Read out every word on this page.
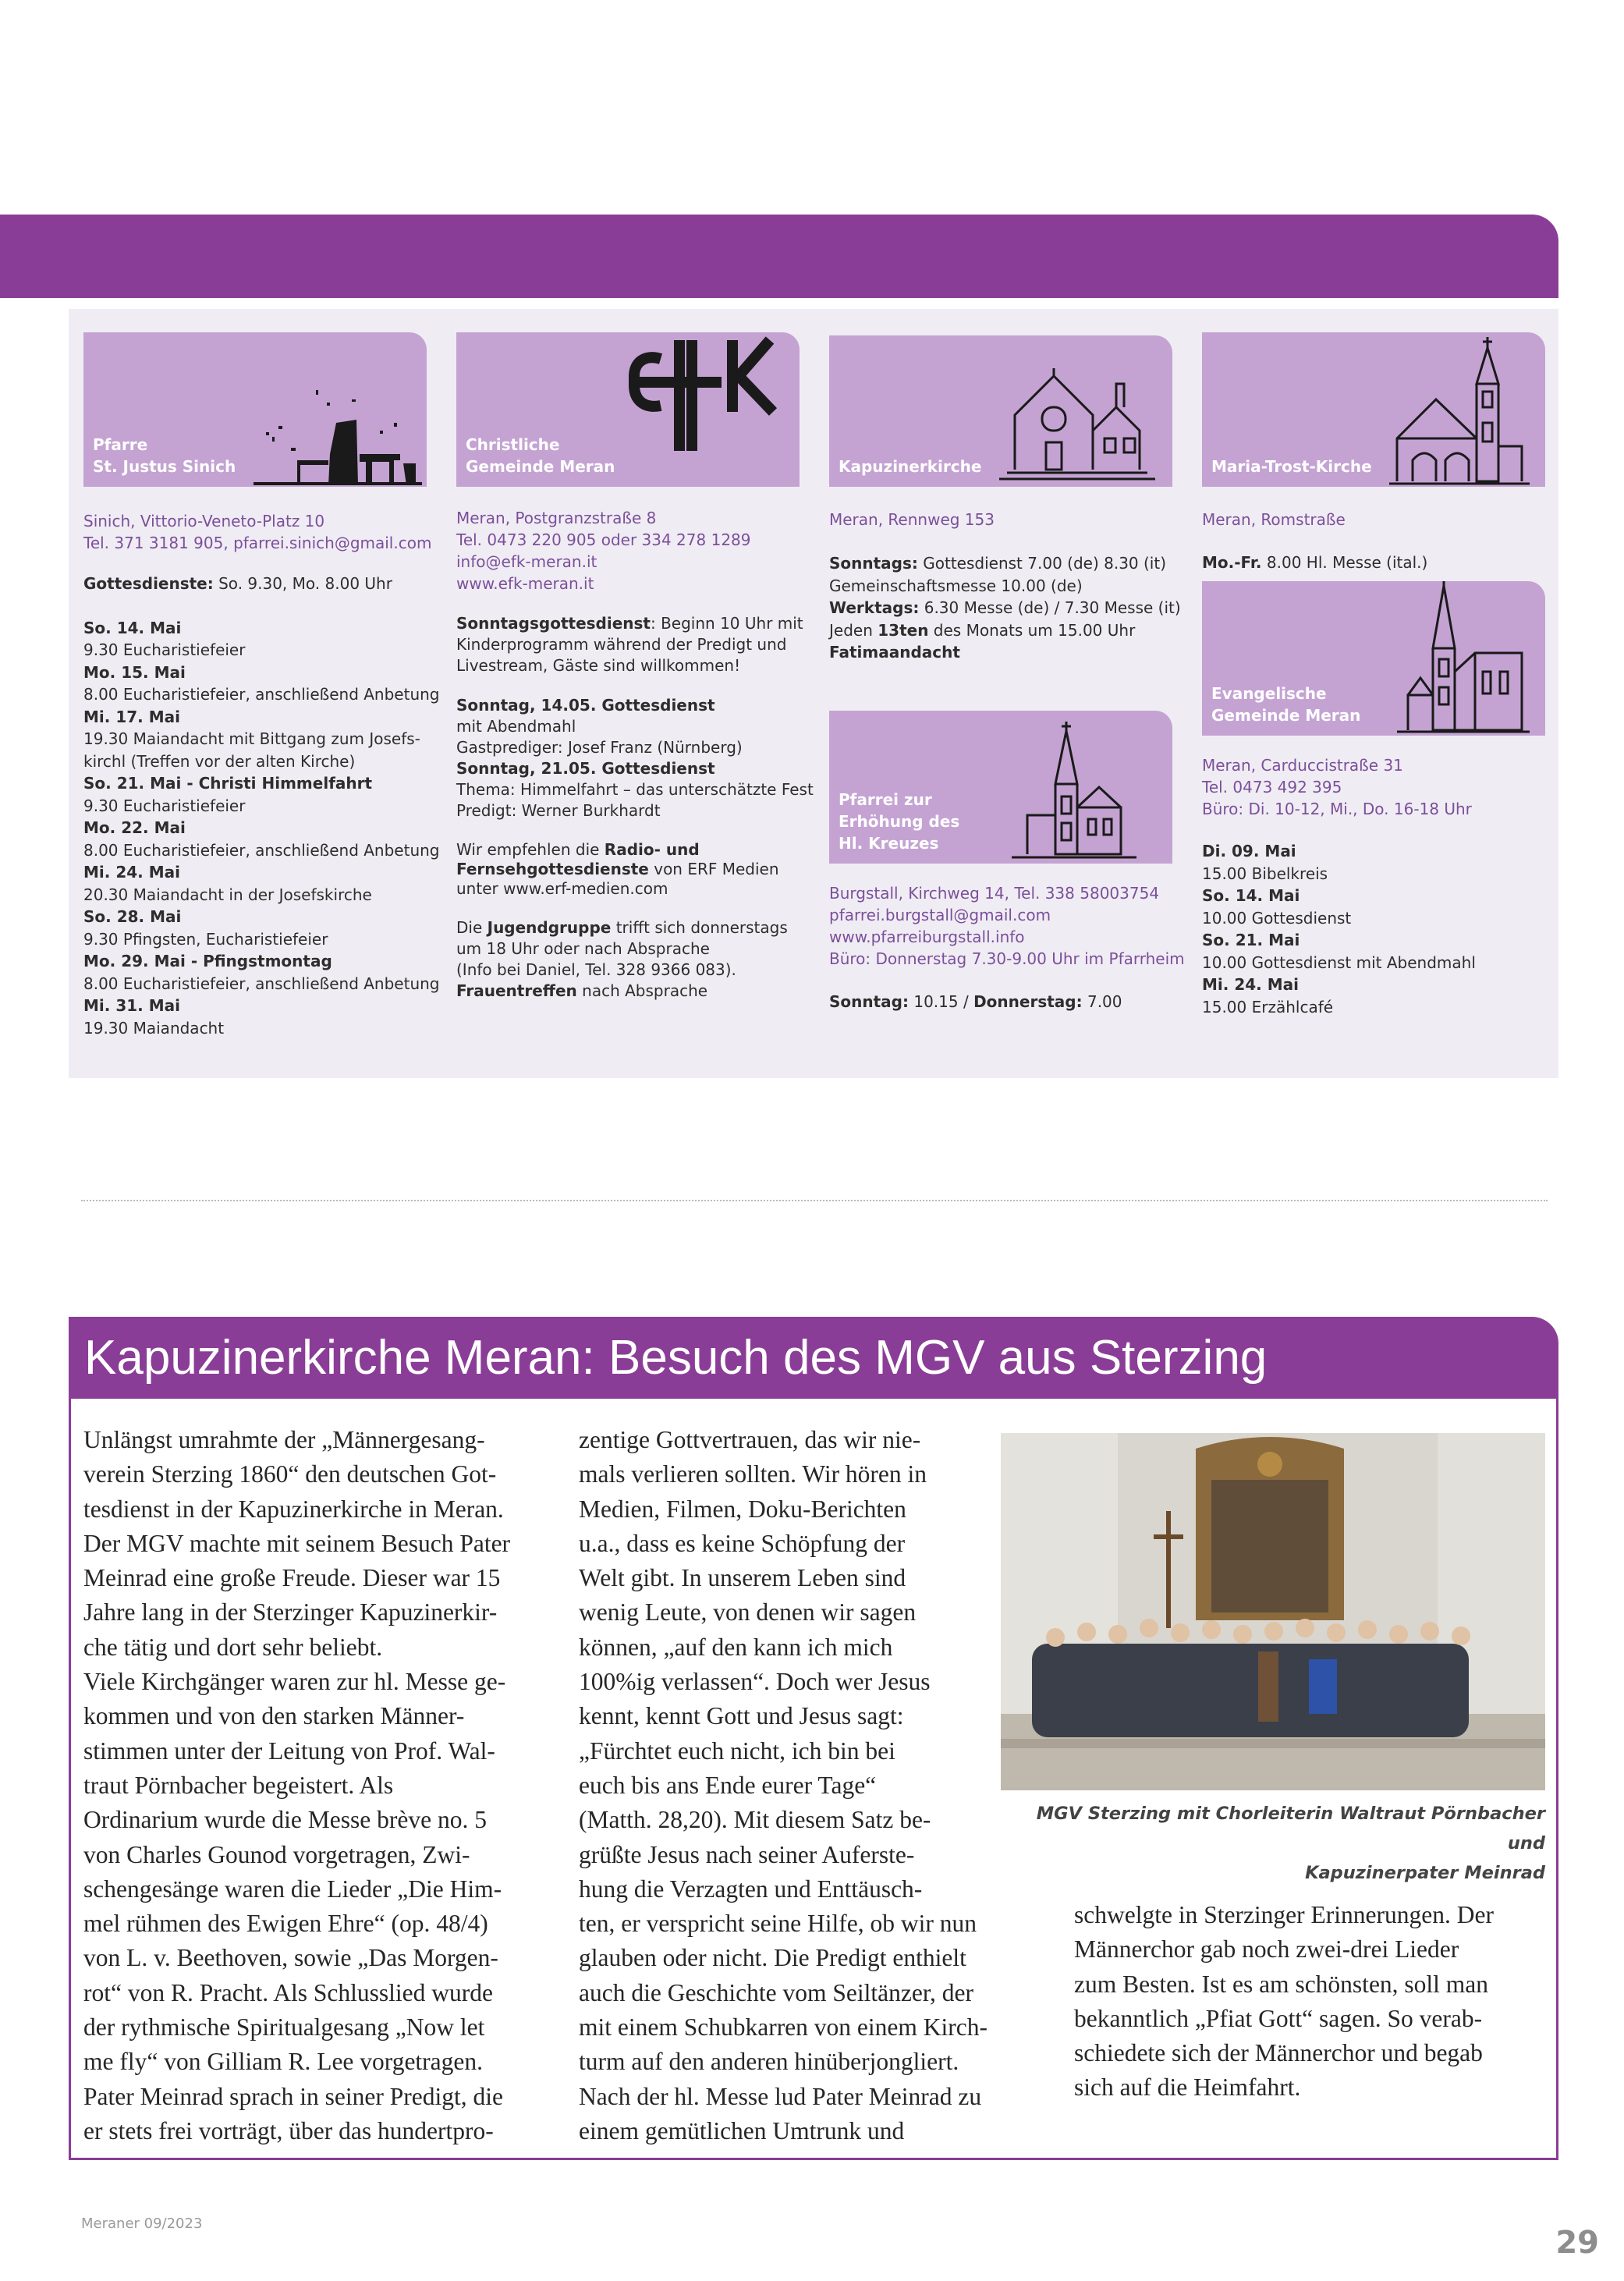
Pfarre
St. Justus Sinich
Sinich, Vittorio-Veneto-Platz 10
Tel. 371 3181 905, pfarrei.sinich@gmail.com
Gottesdienste: So. 9.30, Mo. 8.00 Uhr
So. 14. Mai
9.30 Eucharistiefeier
Mo. 15. Mai
8.00 Eucharistiefeier, anschließend Anbetung
Mi. 17. Mai
19.30 Maiandacht mit Bittgang zum Josefs-
kirchl (Treffen vor der alten Kirche)
So. 21. Mai - Christi Himmelfahrt
9.30 Eucharistiefeier
Mo. 22. Mai
8.00 Eucharistiefeier, anschließend Anbetung
Mi. 24. Mai
20.30 Maiandacht in der Josefskirche
So. 28. Mai
9.30 Pfingsten, Eucharistiefeier
Mo. 29. Mai - Pfingstmontag
8.00 Eucharistiefeier, anschließend Anbetung
Mi. 31. Mai
19.30 Maiandacht
EFK
Christliche
Gemeinde Meran
Meran, Postgranzstraße 8
Tel. 0473 220 905 oder 334 278 1289
info@efk-meran.it
www.efk-meran.it
Sonntagsgottesdienst: Beginn 10 Uhr mit
Kinderprogramm während der Predigt und
Livestream, Gäste sind willkommen!
Sonntag, 14.05. Gottesdienst
mit Abendmahl
Gastprediger: Josef Franz (Nürnberg)
Sonntag, 21.05. Gottesdienst
Thema: Himmelfahrt – das unterschätzte Fest
Predigt: Werner Burkhardt
Wir empfehlen die Radio- und
Fernsehgottesdienste von ERF Medien
unter www.erf-medien.com
Die Jugendgruppe trifft sich donnerstags
um 18 Uhr oder nach Absprache
(Info bei Daniel, Tel. 328 9366 083).
Frauentreffen nach Absprache
Kapuzinerkirche
Meran, Rennweg 153
Sonntags: Gottesdienst 7.00 (de) 8.30 (it)
Gemeinschaftsmesse 10.00 (de)
Werktags: 6.30 Messe (de) / 7.30 Messe (it)
Jeden 13ten des Monats um 15.00 Uhr
Fatimaandacht
Pfarrei zur
Erhöhung des
Hl. Kreuzes
Burgstall, Kirchweg 14, Tel. 338 58003754
pfarrei.burgstall@gmail.com
www.pfarreiburgstall.info
Büro: Donnerstag 7.30-9.00 Uhr im Pfarrheim
Sonntag: 10.15 / Donnerstag: 7.00
Maria-Trost-Kirche
Meran, Romstraße
Mo.-Fr. 8.00 Hl. Messe (ital.)
Evangelische
Gemeinde Meran
Meran, Carduccistraße 31
Tel. 0473 492 395
Büro: Di. 10-12, Mi., Do. 16-18 Uhr
Di. 09. Mai
15.00 Bibelkreis
So. 14. Mai
10.00 Gottesdienst
So. 21. Mai
10.00 Gottesdienst mit Abendmahl
Mi. 24. Mai
15.00 Erzählcafé
Kapuzinerkirche Meran: Besuch des MGV aus Sterzing

Unlängst umrahmte der „Männergesang-

verein Sterzing 1860“ den deutschen Got-

tesdienst in der Kapuzinerkirche in Meran.

Der MGV machte mit seinem Besuch Pater

Meinrad eine große Freude. Dieser war 15

Jahre lang in der Sterzinger Kapuzinerkir-

che tätig und dort sehr beliebt.

Viele Kirchgänger waren zur hl. Messe ge-

kommen und von den starken Männer-

stimmen unter der Leitung von Prof. Wal-

traut Pörnbacher begeistert. Als

Ordinarium wurde die Messe brève no. 5

von Charles Gounod vorgetragen, Zwi-

schengesänge waren die Lieder „Die Him-

mel rühmen des Ewigen Ehre“ (op. 48/4)

von L. v. Beethoven, sowie „Das Morgen-

rot“ von R. Pracht. Als Schlusslied wurde

der rythmische Spiritualgesang „Now let

me fly“ von Gilliam R. Lee vorgetragen.

Pater Meinrad sprach in seiner Predigt, die

er stets frei vorträgt, über das hundertpro-

zentige Gottvertrauen, das wir nie-

mals verlieren sollten. Wir hören in

Medien, Filmen, Doku-Berichten

u.a., dass es keine Schöpfung der

Welt gibt. In unserem Leben sind

wenig Leute, von denen wir sagen

können, „auf den kann ich mich

100%ig verlassen“. Doch wer Jesus

kennt, kennt Gott und Jesus sagt:

„Fürchtet euch nicht, ich bin bei

euch bis ans Ende eurer Tage“

(Matth. 28,20). Mit diesem Satz be-

grüßte Jesus nach seiner Auferste-

hung die Verzagten und Enttäusch-

ten, er verspricht seine Hilfe, ob wir nun

glauben oder nicht. Die Predigt enthielt

auch die Geschichte vom Seiltänzer, der

mit einem Schubkarren von einem Kirch-

turm auf den anderen hinüberjongliert.

Nach der hl. Messe lud Pater Meinrad zu

einem gemütlichen Umtrunk und

MGV Sterzing mit Chorleiterin Waltraut Pörnbacher und
Kapuzinerpater Meinrad

schwelgte in Sterzinger Erinnerungen. Der

Männerchor gab noch zwei-drei Lieder

zum Besten. Ist es am schönsten, soll man

bekanntlich „Pfiat Gott“ sagen. So verab-

schiedete sich der Männerchor und begab

sich auf die Heimfahrt.

Meraner 09/2023
29
